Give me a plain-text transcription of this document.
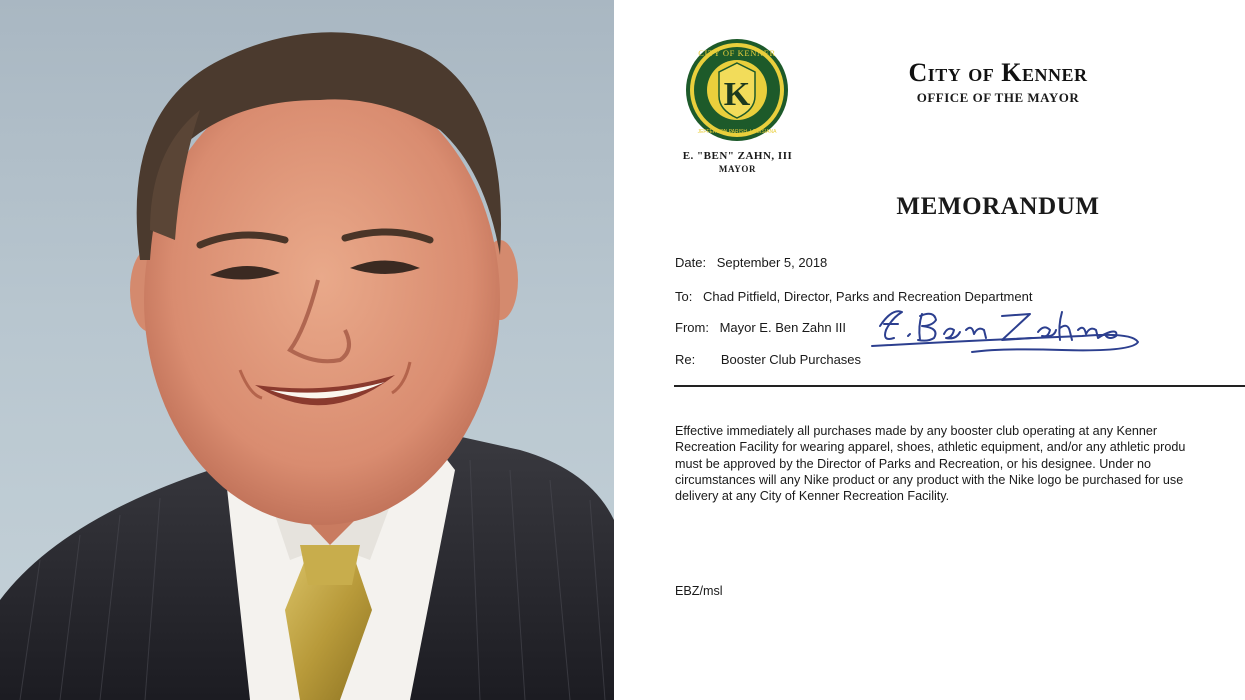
K
CITY OF KENNER
JEFFERSON PARISH, LOUISIANA
E. "BEN" ZAHN, III
MAYOR
City of Kenner
OFFICE OF THE MAYOR
MEMORANDUM
Date: September 5, 2018
To: Chad Pitfield, Director, Parks and Recreation Department
From: Mayor E. Ben Zahn III
Re: Booster Club Purchases
Effective immediately all purchases made by any booster club operating at any Kenner
Recreation Facility for wearing apparel, shoes, athletic equipment, and/or any athletic produ
must be approved by the Director of Parks and Recreation, or his designee. Under no
circumstances will any Nike product or any product with the Nike logo be purchased for use
delivery at any City of Kenner Recreation Facility.
EBZ/msl
